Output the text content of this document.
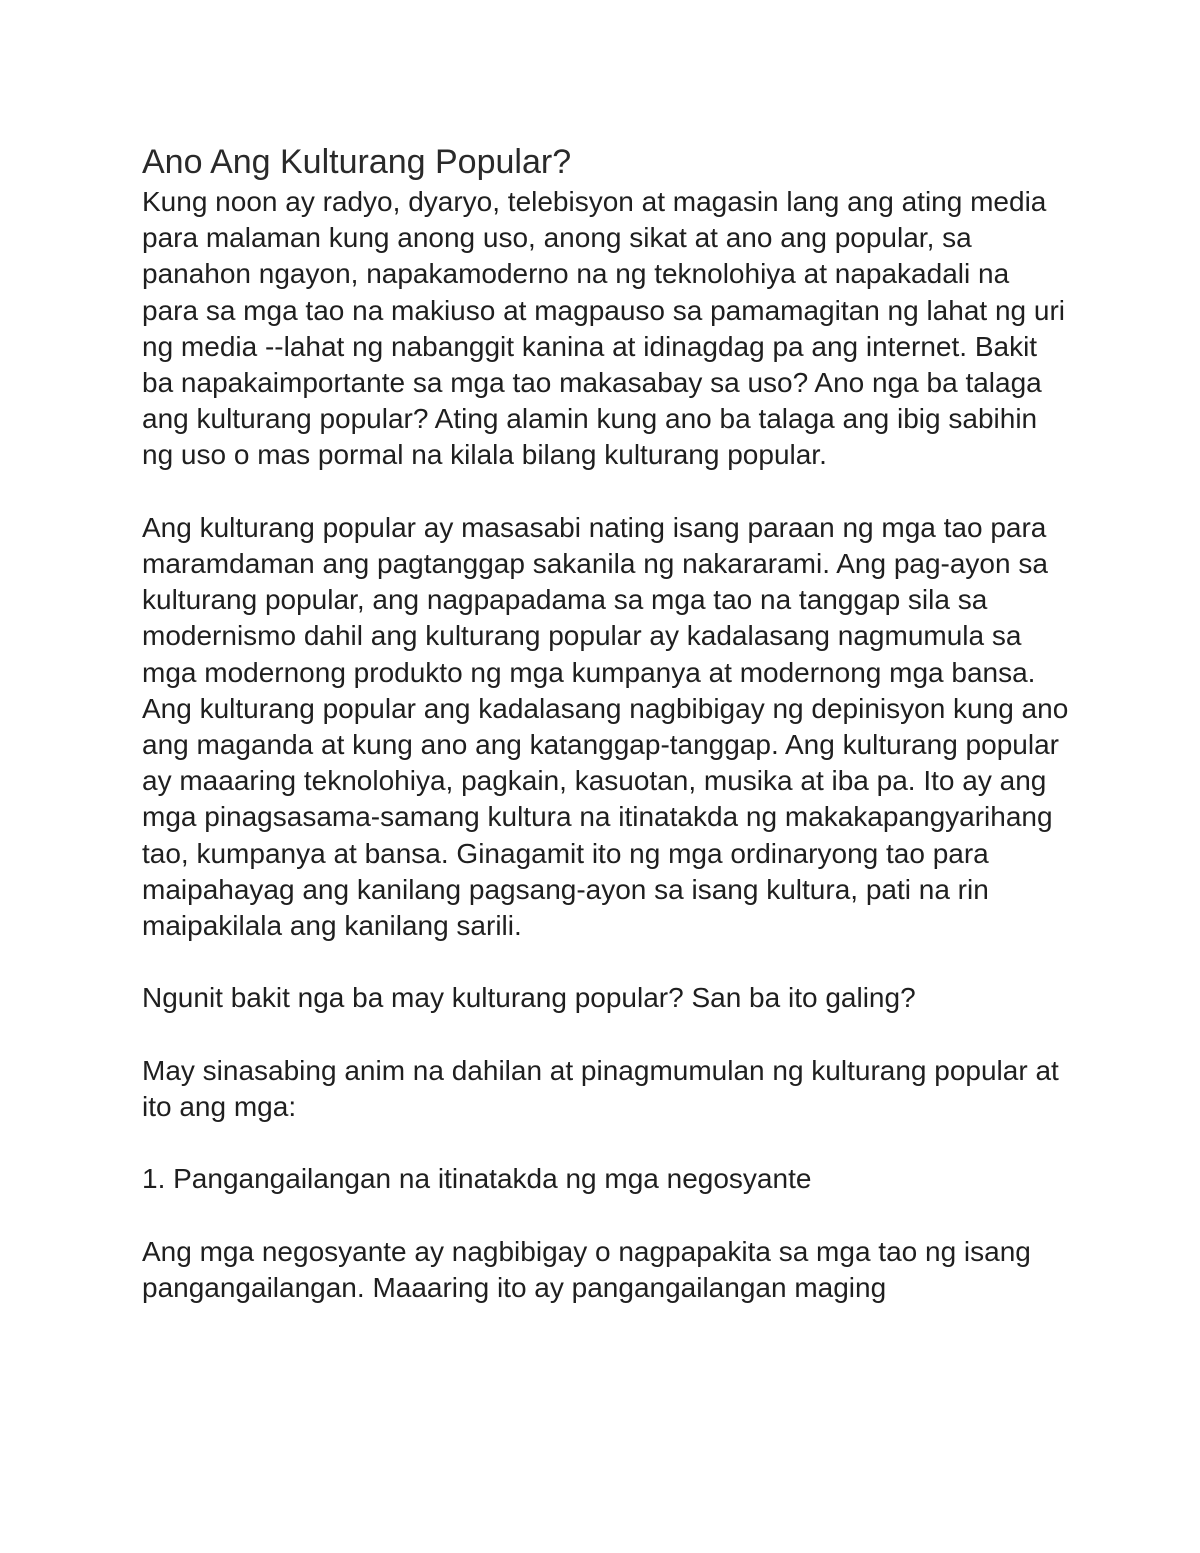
Ano Ang Kulturang Popular?

Kung noon ay radyo, dyaryo, telebisyon at magasin lang ang ating media para malaman kung anong uso, anong sikat at ano ang popular, sa panahon ngayon, napakamoderno na ng teknolohiya at napakadali na para sa mga tao na makiuso at magpauso sa pamamagitan ng lahat ng uri ng media --lahat ng nabanggit kanina at idinagdag pa ang internet. Bakit ba napakaimportante sa mga tao makasabay sa uso? Ano nga ba talaga ang kulturang popular? Ating alamin kung ano ba talaga ang ibig sabihin ng uso o mas pormal na kilala bilang kulturang popular.

Ang kulturang popular ay masasabi nating isang paraan ng mga tao para maramdaman ang pagtanggap sakanila ng nakararami. Ang pag-ayon sa kulturang popular, ang nagpapadama sa mga tao na tanggap sila sa modernismo dahil ang kulturang popular ay kadalasang nagmumula sa mga modernong produkto ng mga kumpanya at modernong mga bansa. Ang kulturang popular ang kadalasang nagbibigay ng depinisyon kung ano ang maganda at kung ano ang katanggap-tanggap. Ang kulturang popular ay maaaring teknolohiya, pagkain, kasuotan, musika at iba pa. Ito ay ang mga pinagsasama-samang kultura na itinatakda ng makakapangyarihang tao, kumpanya at bansa. Ginagamit ito ng mga ordinaryong tao para maipahayag ang kanilang pagsang-ayon sa isang kultura, pati na rin maipakilala ang kanilang sarili.

Ngunit bakit nga ba may kulturang popular? San ba ito galing?

May sinasabing anim na dahilan at pinagmumulan ng kulturang popular at ito ang mga:

1. Pangangailangan na itinatakda ng mga negosyante

Ang mga negosyante ay nagbibigay o nagpapakita sa mga tao ng isang pangangailangan. Maaaring ito ay pangangailangan maging
